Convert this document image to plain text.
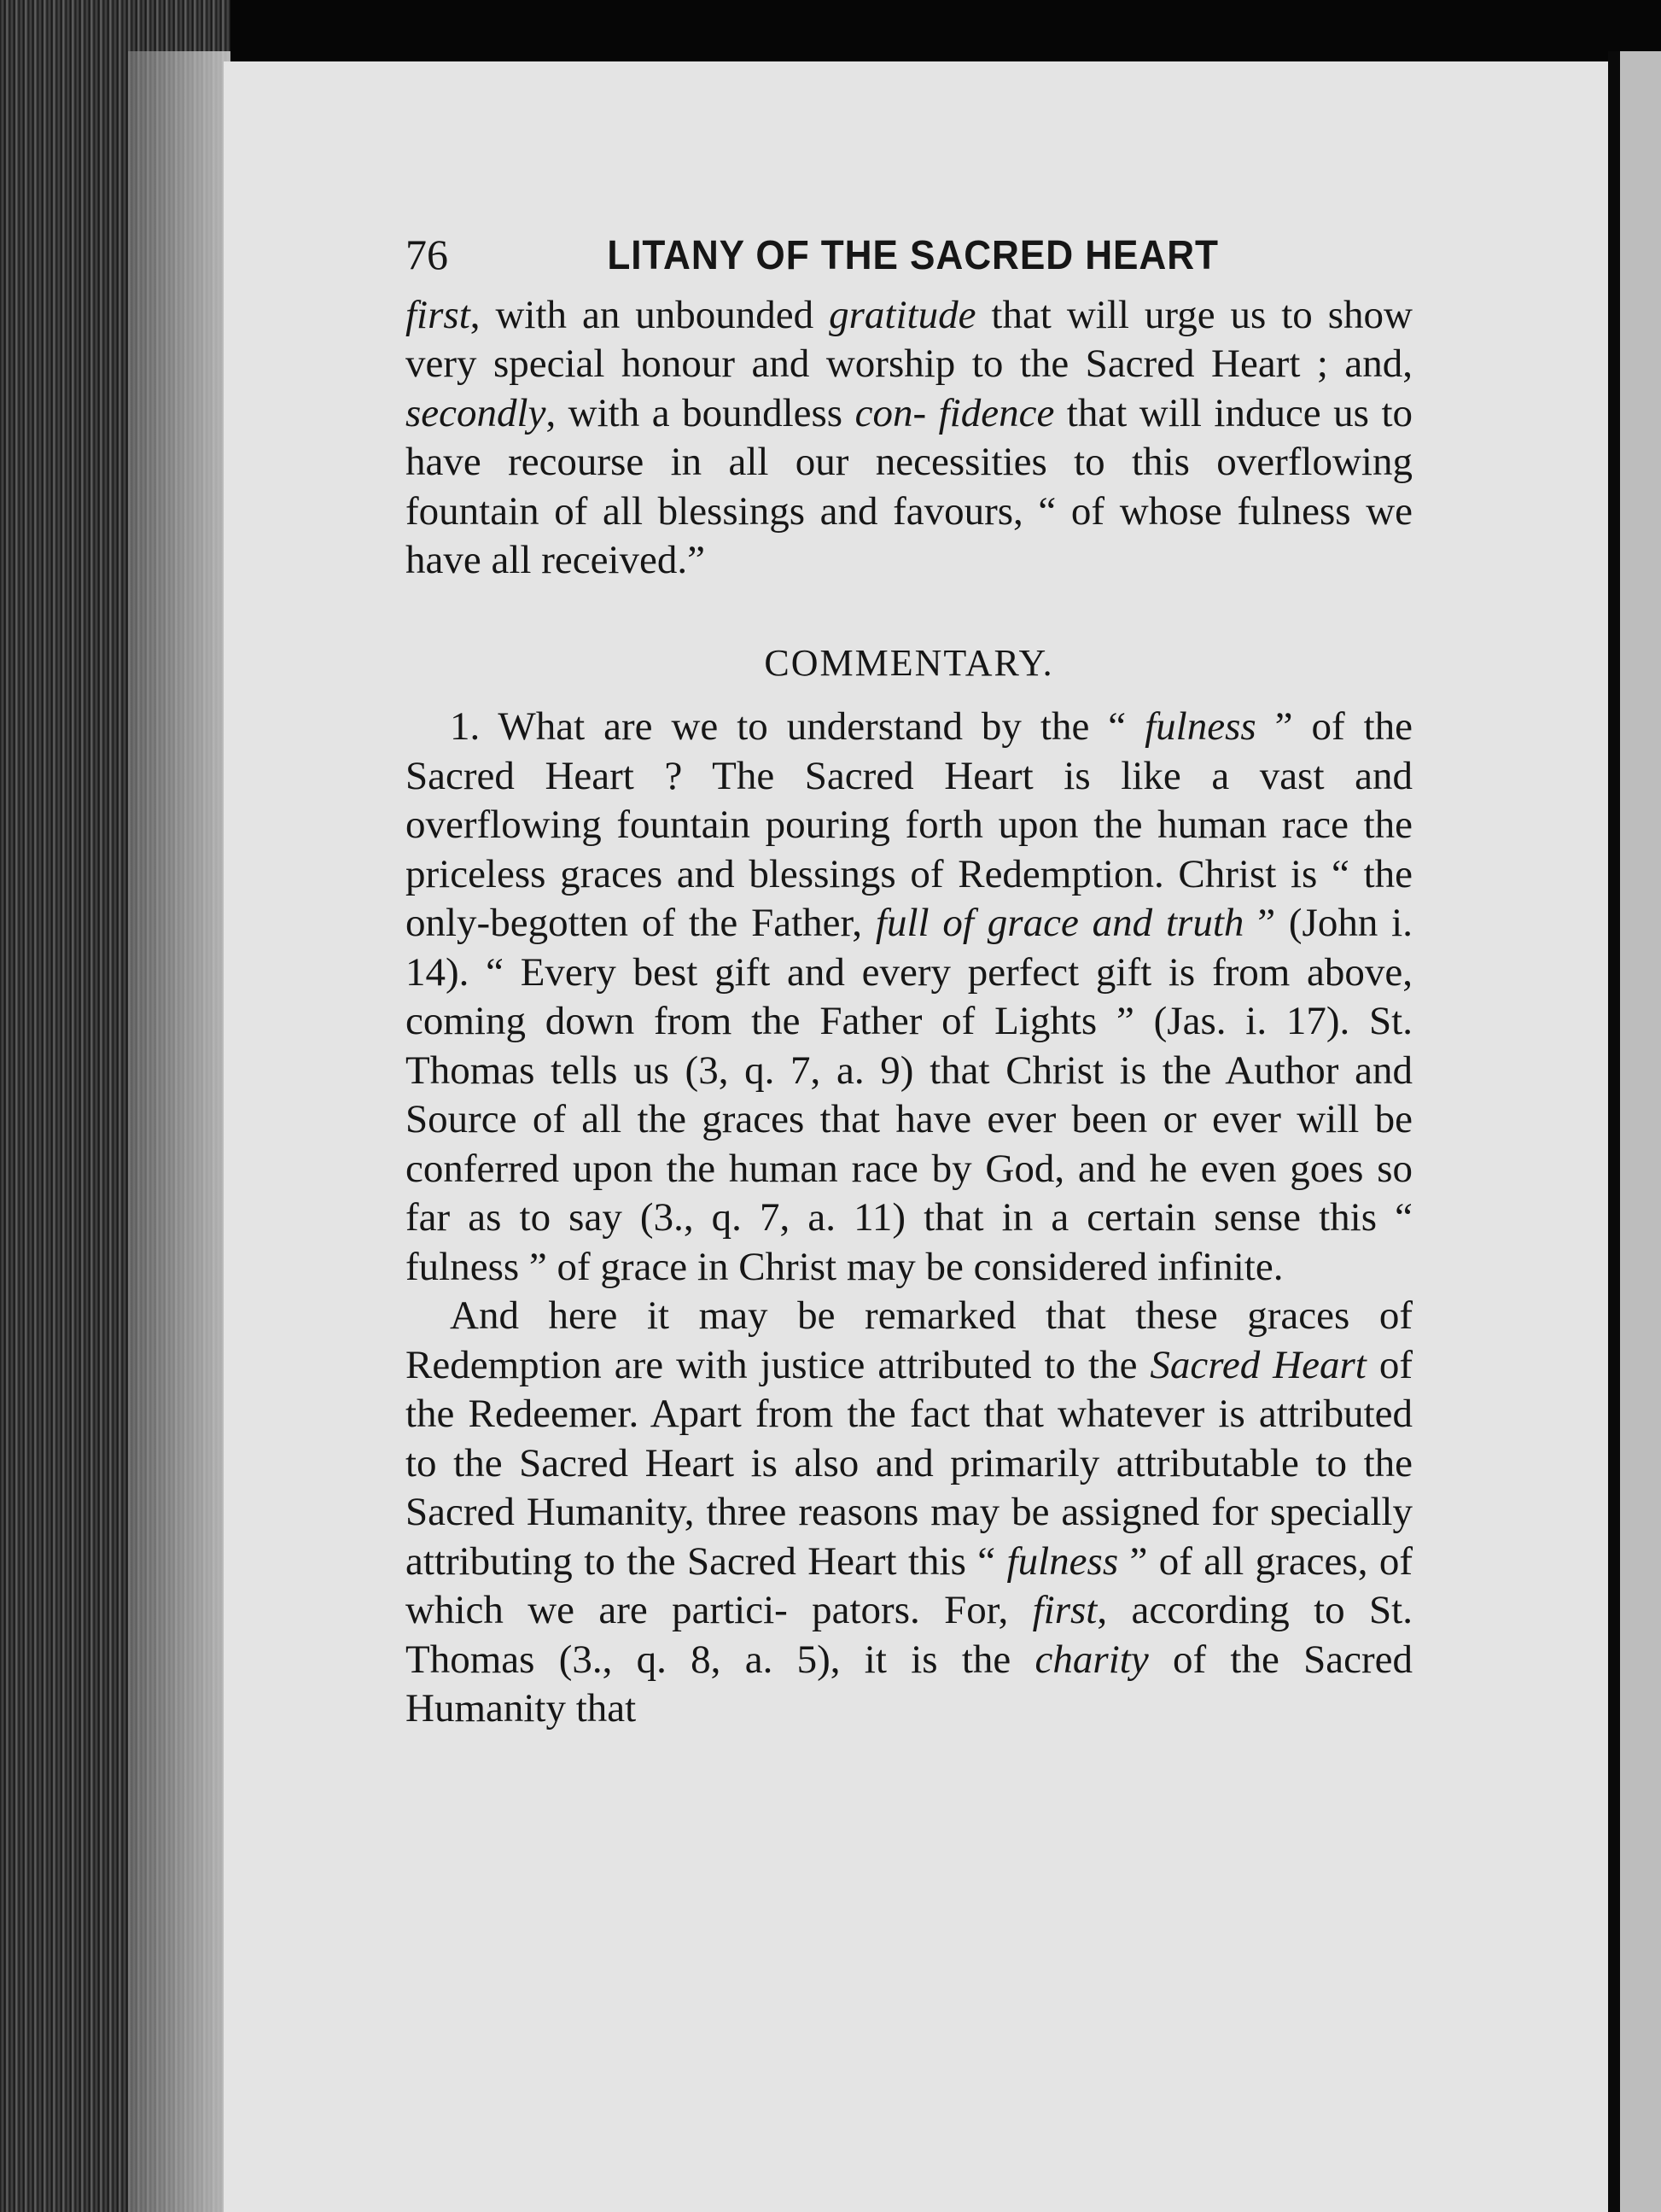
76	LITANY OF THE SACRED HEART

first, with an unbounded gratitude that will urge us to show very special honour and worship to the Sacred Heart ; and, secondly, with a boundless con- fidence that will induce us to have recourse in all our necessities to this overflowing fountain of all blessings and favours, “ of whose fulness we have all received.”

COMMENTARY.

1. What are we to understand by the “ fulness ” of the Sacred Heart ? The Sacred Heart is like a vast and overflowing fountain pouring forth upon the human race the priceless graces and blessings of Redemption. Christ is “ the only-begotten of the Father, full of grace and truth ” (John i. 14). “ Every best gift and every perfect gift is from above, coming down from the Father of Lights ” (Jas. i. 17). St. Thomas tells us (3, q. 7, a. 9) that Christ is the Author and Source of all the graces that have ever been or ever will be conferred upon the human race by God, and he even goes so far as to say (3., q. 7, a. 11) that in a certain sense this “ fulness ” of grace in Christ may be considered infinite.

And here it may be remarked that these graces of Redemption are with justice attributed to the Sacred Heart of the Redeemer. Apart from the fact that whatever is attributed to the Sacred Heart is also and primarily attributable to the Sacred Humanity, three reasons may be assigned for specially attributing to the Sacred Heart this “ fulness ” of all graces, of which we are partici- pators. For, first, according to St. Thomas (3., q. 8, a. 5), it is the charity of the Sacred Humanity that
